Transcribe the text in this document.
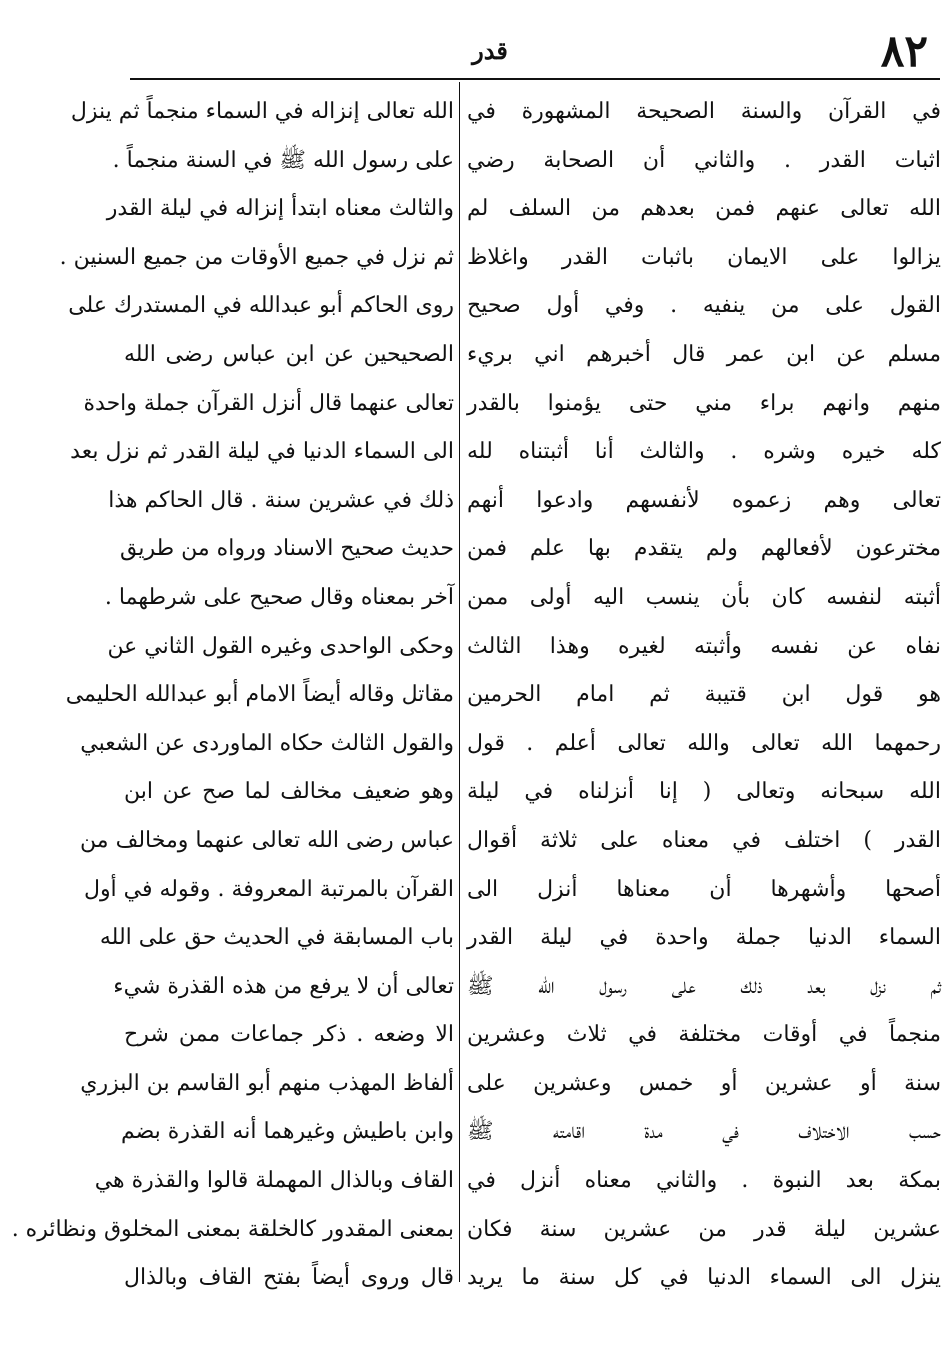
٨٢
قدر
في القرآن والسنة الصحيحة المشهورة في
اثبات القدر . والثاني أن الصحابة رضي
الله تعالى عنهم فمن بعدهم من السلف لم
يزالوا على الايمان باثبات القدر واغلاظ
القول على من ينفيه . وفي أول صحيح
مسلم عن ابن عمر قال أخبرهم اني بريء
منهم وانهم براء مني حتى يؤمنوا بالقدر
كله خيره وشره . والثالث أنا أثبتناه لله
تعالى وهم زعموه لأنفسهم وادعوا أنهم
مخترعون لأفعالهم ولم يتقدم بها علم فمن
أثبته لنفسه كان بأن ينسب اليه أولى ممن
نفاه عن نفسه وأثبته لغيره وهذا الثالث
هو قول ابن قتيبة ثم امام الحرمين
رحمهما الله تعالى والله تعالى أعلم . قول
الله سبحانه وتعالى ( إنا أنزلناه في ليلة
القدر ) اختلف في معناه على ثلاثة أقوال
أصحها وأشهرها أن معناها أنزل الى
السماء الدنيا جملة واحدة في ليلة القدر
ثم نزل بعد ذلك على رسول الله ﷺ
منجماً في أوقات مختلفة في ثلاث وعشرين
سنة أو عشرين أو خمس وعشرين على
حسب الاختلاف في مدة اقامته ﷺ
بمكة بعد النبوة . والثاني معناه أنزل في
عشرين ليلة قدر من عشرين سنة فكان
ينزل الى السماء الدنيا في كل سنة ما يريد
الله تعالى إنزاله في السماء منجماً ثم ينزل
على رسول الله ﷺ في السنة منجماً .
والثالث معناه ابتدأ إنزاله في ليلة القدر
ثم نزل في جميع الأوقات من جميع السنين .
روى الحاكم أبو عبدالله في المستدرك على
الصحيحين عن ابن عباس رضى الله
تعالى عنهما قال أنزل القرآن جملة واحدة
الى السماء الدنيا في ليلة القدر ثم نزل بعد
ذلك في عشرين سنة . قال الحاكم هذا
حديث صحيح الاسناد ورواه من طريق
آخر بمعناه وقال صحيح على شرطهما .
وحكى الواحدى وغيره القول الثاني عن
مقاتل وقاله أيضاً الامام أبو عبدالله الحليمى
والقول الثالث حكاه الماوردى عن الشعبي
وهو ضعيف مخالف لما صح عن ابن
عباس رضى الله تعالى عنهما ومخالف من
القرآن بالمرتبة المعروفة . وقوله في أول
باب المسابقة في الحديث حق على الله
تعالى أن لا يرفع من هذه القذرة شيء
الا وضعه . ذكر جماعات ممن شرح
ألفاظ المهذب منهم أبو القاسم بن البزري
وابن باطيش وغيرهما أنه القذرة بضم
القاف وبالذال المهملة قالوا والقذرة هي
بمعنى المقدور كالخلقة بمعنى المخلوق ونظائره .
قال وروى أيضاً بفتح القاف وبالذال
